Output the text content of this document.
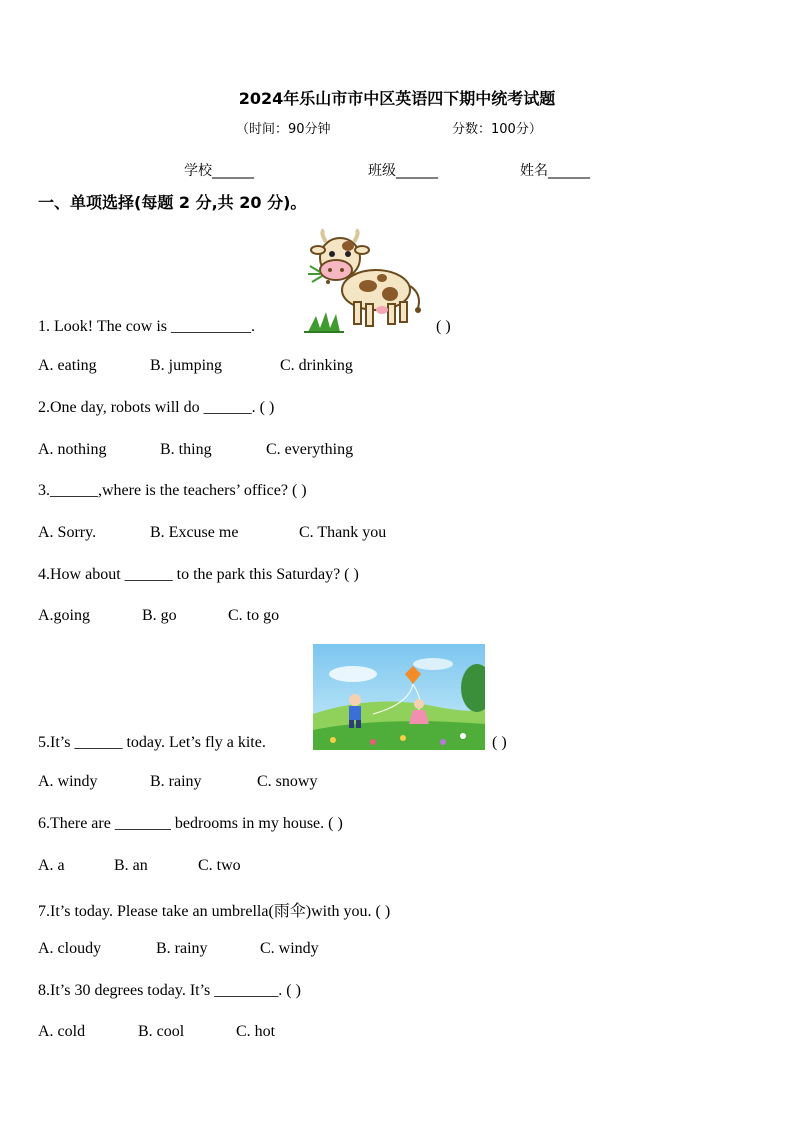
2024年乐山市市中区英语四下期中统考试题
（时间：90分钟	分数：100分）
学校______	班级______	姓名______
一、单项选择(每题 2 分,共 20 分)。
1. Look! The cow is __________.	( )
A. eating	B. jumping	C. drinking
2.One day, robots will do ______. ( )
A. nothing	B. thing	C. everything
3.______,where is the teachers’ office? ( )
A. Sorry.	B. Excuse me	C. Thank you
4.How about ______ to the park this Saturday? ( )
A.going	B. go	C. to go
5.It’s ______ today. Let’s fly a kite.	( )
A. windy	B. rainy	C. snowy
6.There are _______ bedrooms in my house. ( )
A. a	B. an	C. two
7.It’s today. Please take an umbrella(雨伞)with you. ( )
A. cloudy	B. rainy	C. windy
8.It’s 30 degrees today. It’s ________. ( )
A. cold	B. cool	C. hot
